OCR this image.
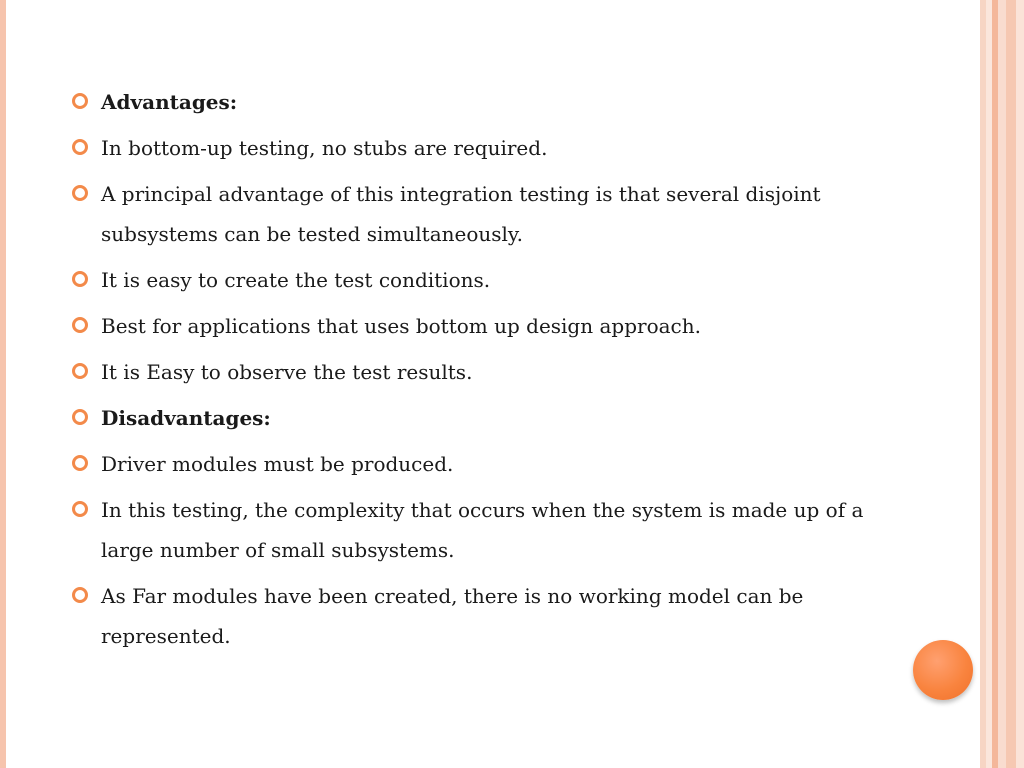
Advantages:
In bottom-up testing, no stubs are required.
A principal advantage of this integration testing is that several disjoint subsystems can be tested simultaneously.
It is easy to create the test conditions.
Best for applications that uses bottom up design approach.
It is Easy to observe the test results.
Disadvantages:
Driver modules must be produced.
In this testing, the complexity that occurs when the system is made up of a large number of small subsystems.
As Far modules have been created, there is no working model can be represented.
